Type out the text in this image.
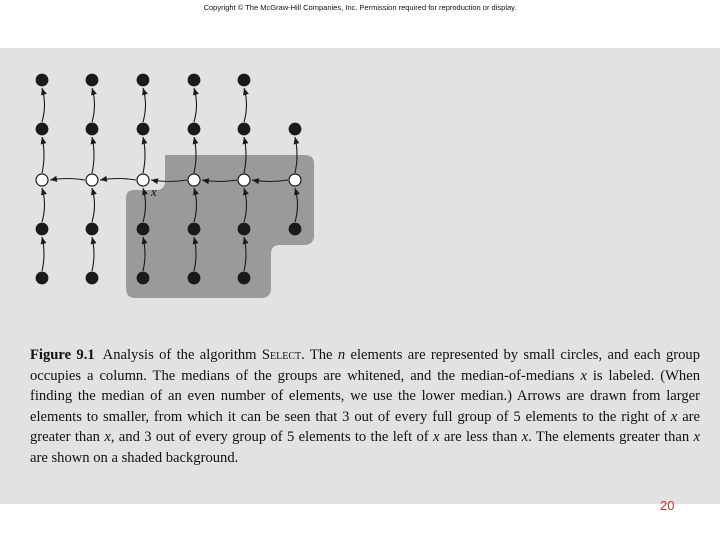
Copyright © The McGraw-Hill Companies, Inc. Permission required for reproduction or display.
x

Figure 9.1 Analysis of the algorithm Select. The n elements are represented by small circles, and each group occupies a column. The medians of the groups are whitened, and the median-of-medians x is labeled. (When finding the median of an even number of elements, we use the lower median.) Arrows are drawn from larger elements to smaller, from which it can be seen that 3 out of every full group of 5 elements to the right of x are greater than x, and 3 out of every group of 5 elements to the left of x are less than x. The elements greater than x are shown on a shaded background.

20
